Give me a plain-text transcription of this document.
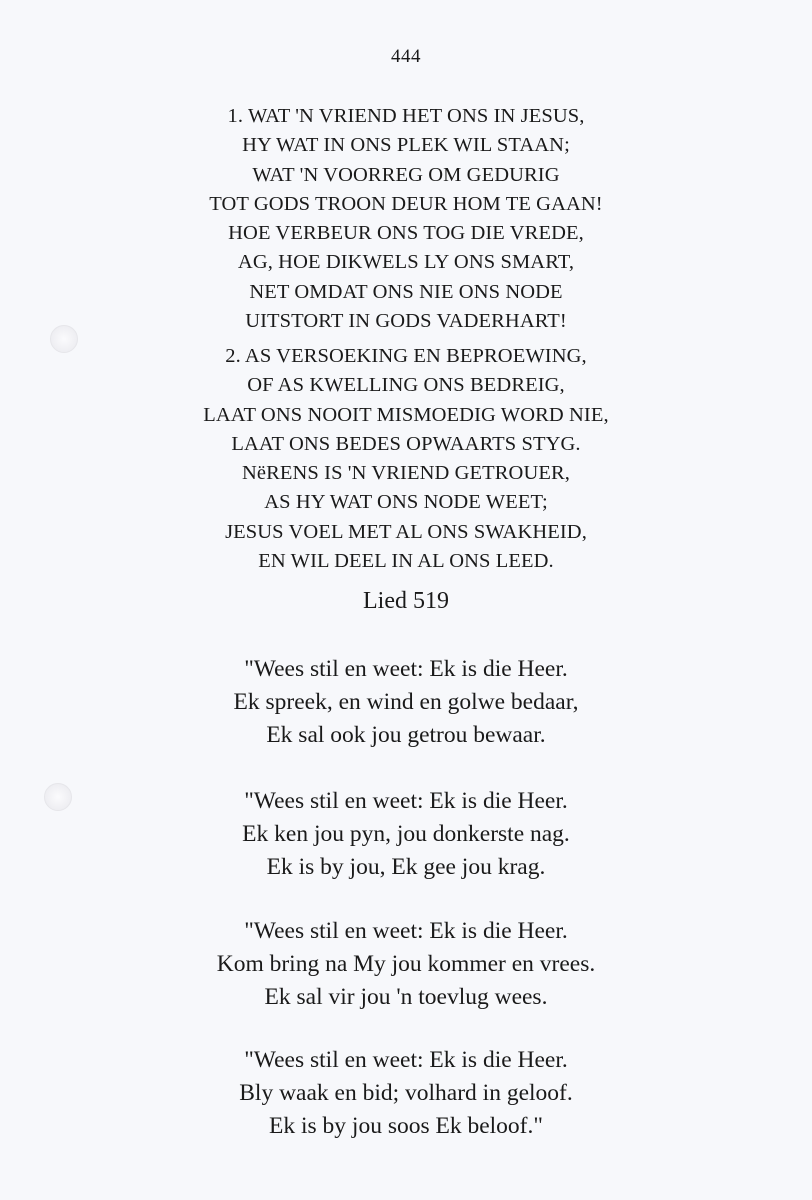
444
1. WAT 'N VRIEND HET ONS IN JESUS,
HY WAT IN ONS PLEK WIL STAAN;
WAT 'N VOORREG OM GEDURIG
TOT GODS TROON DEUR HOM TE GAAN!
HOE VERBEUR ONS TOG DIE VREDE,
AG, HOE DIKWELS LY ONS SMART,
NET OMDAT ONS NIE ONS NODE
UITSTORT IN GODS VADERHART!
2. AS VERSOEKING EN BEPROEWING,
OF AS KWELLING ONS BEDREIG,
LAAT ONS NOOIT MISMOEDIG WORD NIE,
LAAT ONS BEDES OPWAARTS STYG.
NëRENS IS 'N VRIEND GETROUER,
AS HY WAT ONS NODE WEET;
JESUS VOEL MET AL ONS SWAKHEID,
EN WIL DEEL IN AL ONS LEED.
Lied 519
"Wees stil en weet: Ek is die Heer.
Ek spreek, en wind en golwe bedaar,
Ek sal ook jou getrou bewaar.
"Wees stil en weet: Ek is die Heer.
Ek ken jou pyn, jou donkerste nag.
Ek is by jou, Ek gee jou krag.
"Wees stil en weet: Ek is die Heer.
Kom bring na My jou kommer en vrees.
Ek sal vir jou 'n toevlug wees.
"Wees stil en weet: Ek is die Heer.
Bly waak en bid; volhard in geloof.
Ek is by jou soos Ek beloof."
